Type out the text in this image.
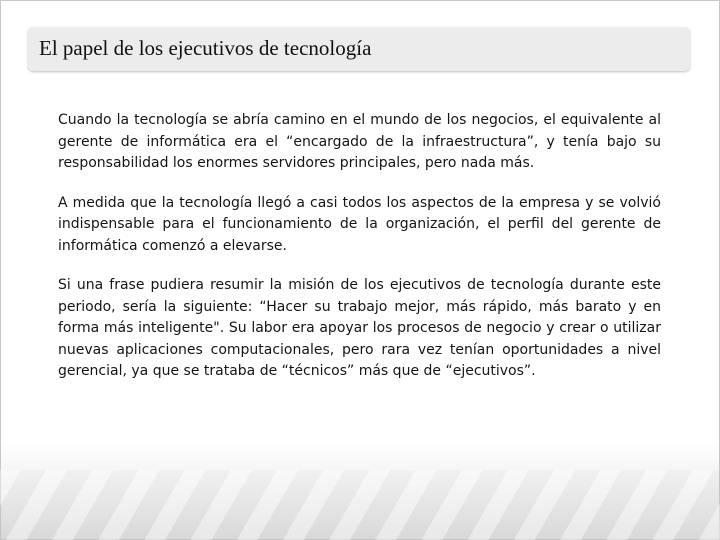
El papel de los ejecutivos de tecnología

Cuando la tecnología se abría camino en el mundo de los negocios, el equivalente al gerente de informática era el “encargado de la infraestructura”, y tenía bajo su responsabilidad los enormes servidores principales, pero nada más.

A medida que la tecnología llegó a casi todos los aspectos de la empresa y se volvió indispensable para el funcionamiento de la organización, el perfil del gerente de informática comenzó a elevarse.

Si una frase pudiera resumir la misión de los ejecutivos de tecnología durante este periodo, sería la siguiente: “Hacer su trabajo mejor, más rápido, más barato y en forma más inteligente". Su labor era apoyar los procesos de negocio y crear o utilizar nuevas aplicaciones computacionales, pero rara vez tenían oportunidades a nivel gerencial, ya que se trataba de “técnicos” más que de “ejecutivos”.
